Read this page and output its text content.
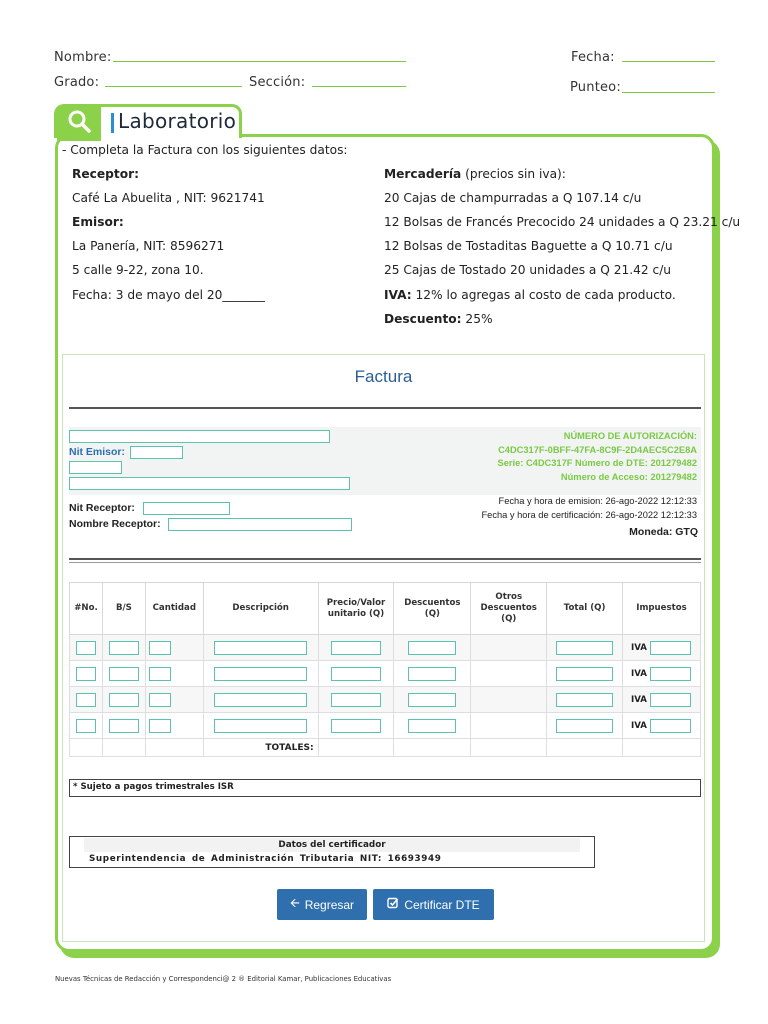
Nombre:	Fecha:
Grado:	Sección:	Punteo:
Laboratorio
- Completa la Factura con los siguientes datos:
Receptor:
Café La Abuelita , NIT: 9621741
Emisor:
La Panería, NIT: 8596271
5 calle 9-22, zona 10.
Fecha: 3 de mayo del 20_______
Mercadería (precios sin iva):
20 Cajas de champurradas a Q 107.14 c/u
12 Bolsas de Francés Precocido 24 unidades a Q 23.21 c/u
12 Bolsas de Tostaditas Baguette a Q 10.71 c/u
25 Cajas de Tostado 20 unidades a Q 21.42 c/u
IVA: 12% lo agregas al costo de cada producto.
Descuento: 25%
Factura
Nit Emisor:
NÚMERO DE AUTORIZACIÓN:
C4DC317F-0BFF-47FA-8C9F-2D4AEC5C2E8A
Serie: C4DC317F Número de DTE: 201279482
Número de Acceso: 201279482
Fecha y hora de emision: 26-ago-2022 12:12:33
Fecha y hora de certificación: 26-ago-2022 12:12:33
Nit Receptor:
Nombre Receptor:
Moneda: GTQ
#No.	B/S	Cantidad	Descripción	Precio/Valor unitario (Q)	Descuentos (Q)	Otros Descuentos (Q)	Total (Q)	Impuestos

								IVA

								IVA

								IVA

								IVA

			TOTALES:					
* Sujeto a pagos trimestrales ISR
Datos del certificador
Superintendencia de Administración Tributaria NIT: 16693949
🡨 Regresar	Certificar DTE
Nuevas Técnicas de Redacción y Correspondenci@ 2 ® Editorial Kamar, Publicaciones Educativas
